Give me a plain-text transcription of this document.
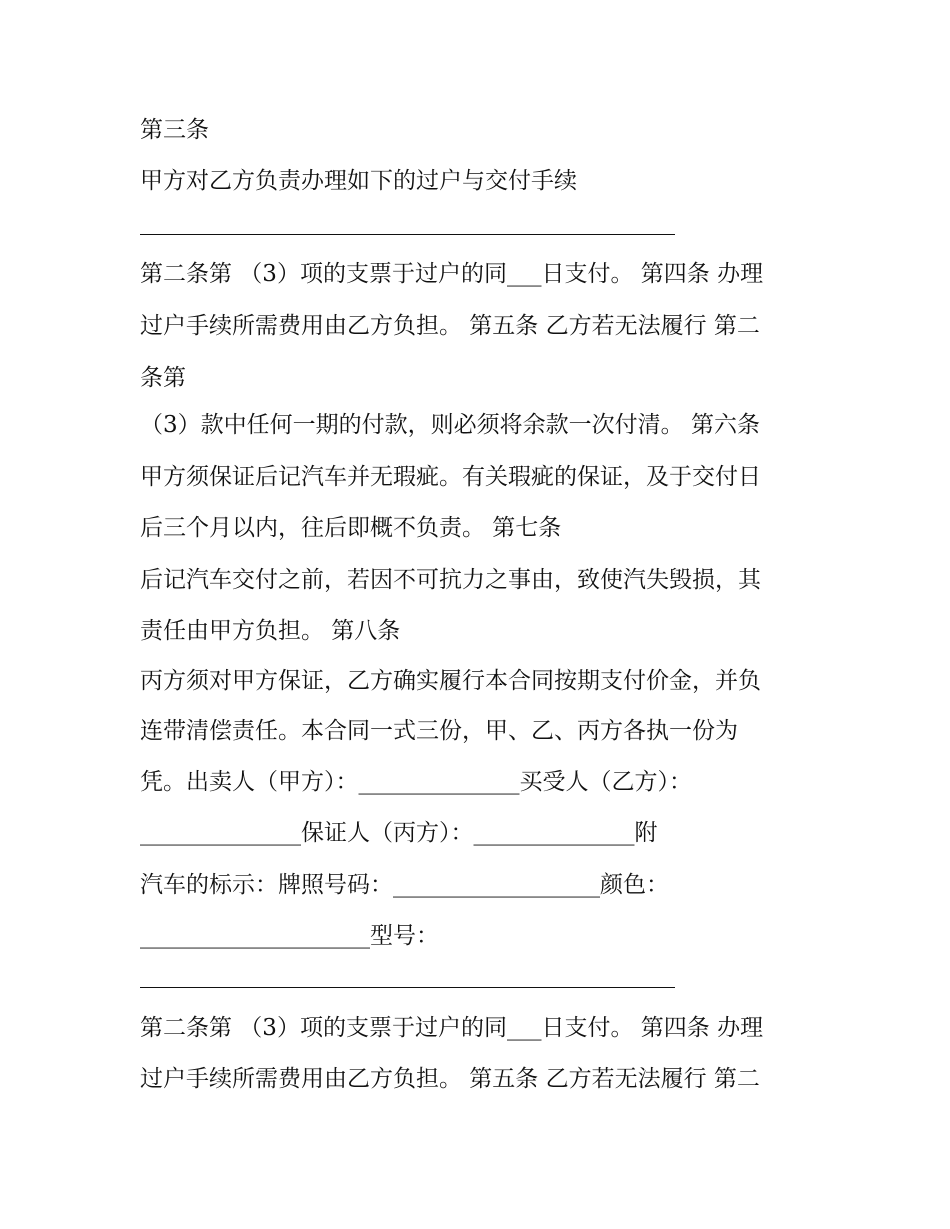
第三条
甲方对乙方负责办理如下的过户与交付手续
第二条第 （3）项的支票于过户的同___日支付。 第四条 办理
过户手续所需费用由乙方负担。 第五条 乙方若无法履行 第二
条第
（3）款中任何一期的付款，则必须将余款一次付清。 第六条
甲方须保证后记汽车并无瑕疵。有关瑕疵的保证，及于交付日
后三个月以内，往后即概不负责。 第七条
后记汽车交付之前，若因不可抗力之事由，致使汽失毁损，其
责任由甲方负担。 第八条
丙方须对甲方保证，乙方确实履行本合同按期支付价金，并负
连带清偿责任。本合同一式三份，甲、乙、丙方各执一份为
凭。出卖人（甲方）：______________买受人（乙方）：
______________保证人（丙方）：______________附
汽车的标示：牌照号码：__________________颜色：
____________________型号：
第二条第 （3）项的支票于过户的同___日支付。 第四条 办理
过户手续所需费用由乙方负担。 第五条 乙方若无法履行 第二
